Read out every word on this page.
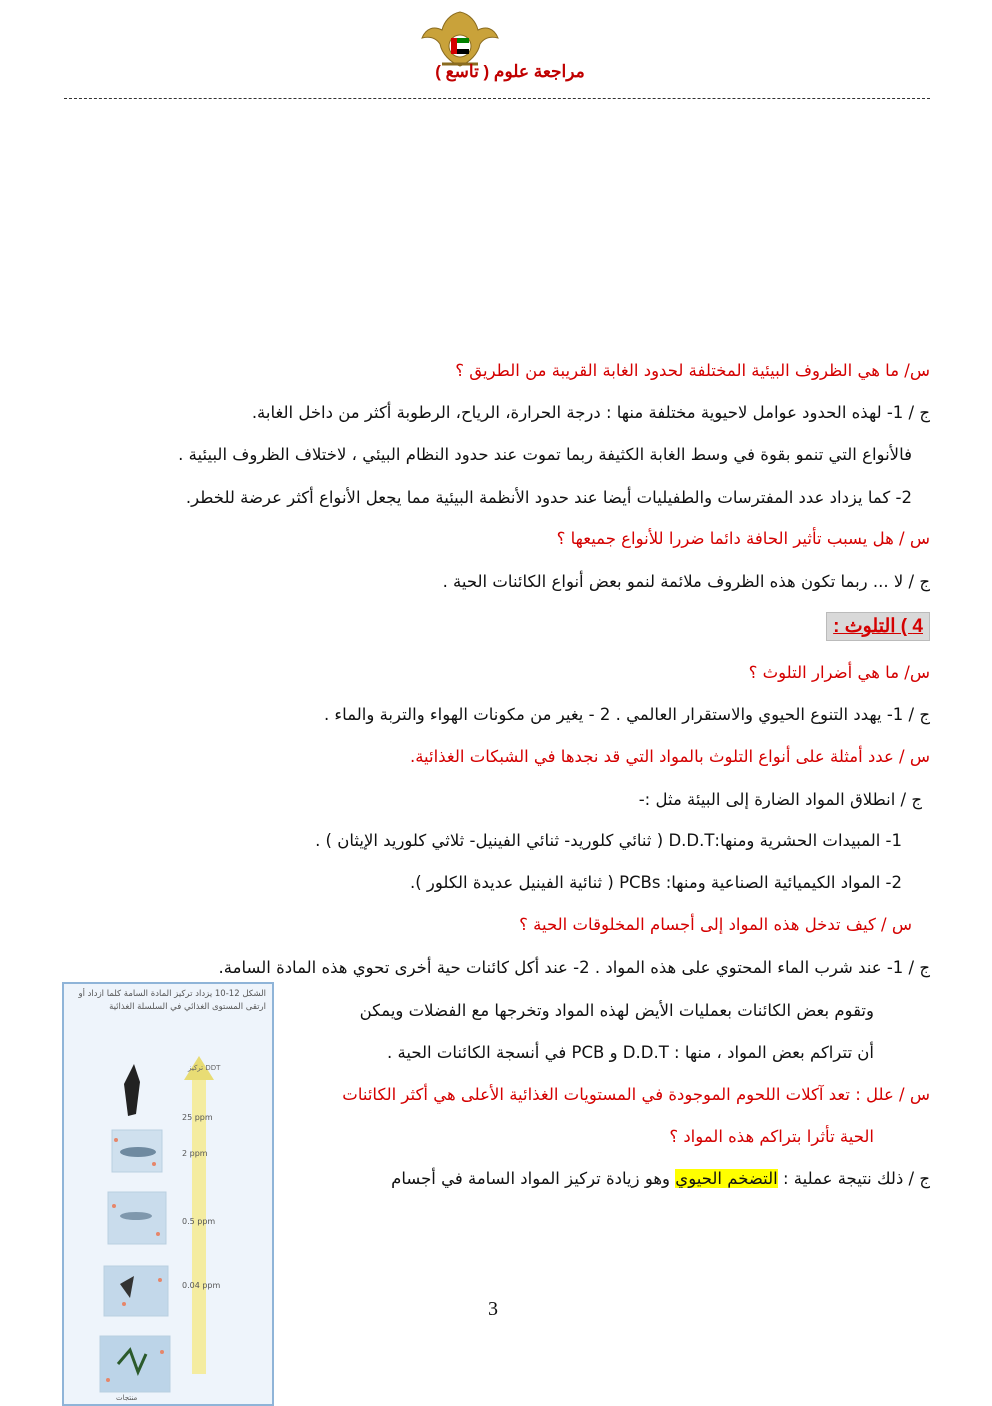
مراجعة علوم ( تاسع )
س/ ما هي الظروف البيئية المختلفة لحدود الغابة القريبة من الطريق ؟
ج / 1- لهذه الحدود عوامل لاحيوية مختلفة منها : درجة الحرارة، الرياح، الرطوبة أكثر من داخل الغابة.
فالأنواع التي تنمو بقوة في وسط الغابة الكثيفة ربما تموت عند حدود النظام البيئي ، لاختلاف الظروف البيئية .
2- كما يزداد عدد المفترسات والطفيليات أيضا عند حدود الأنظمة البيئية مما يجعل الأنواع أكثر عرضة للخطر.
س / هل يسبب تأثير الحافة دائما ضررا للأنواع جميعها ؟
ج / لا ... ربما تكون هذه الظروف ملائمة لنمو بعض أنواع الكائنات الحية .
4 ) التلوث :
س/ ما هي أضرار التلوث ؟
ج / 1- يهدد التنوع الحيوي والاستقرار العالمي . 2 - يغير من مكونات الهواء والتربة والماء .
س / عدد أمثلة على أنواع التلوث بالمواد التي قد نجدها في الشبكات الغذائية.
ج / انطلاق المواد الضارة إلى البيئة مثل :-
1- المبيدات الحشرية ومنها:D.D.T ( ثنائي كلوريد- ثنائي الفينيل- ثلاثي كلوريد الإيثان ) .
2- المواد الكيميائية الصناعية ومنها: PCBs ( ثنائية الفينيل عديدة الكلور ).
س / كيف تدخل هذه المواد إلى أجسام المخلوقات الحية ؟
ج / 1- عند شرب الماء المحتوي على هذه المواد . 2- عند أكل كائنات حية أخرى تحوي هذه المادة السامة.
وتقوم بعض الكائنات بعمليات الأيض لهذه المواد وتخرجها مع الفضلات ويمكن
أن تتراكم بعض المواد ، منها : D.D.T و PCB في أنسجة الكائنات الحية .
س / علل : تعد آكلات اللحوم الموجودة في المستويات الغذائية الأعلى هي أكثر الكائنات
الحية تأثرا بتراكم هذه المواد ؟
ج / ذلك نتيجة عملية : التضخم الحيوي وهو زيادة تركيز المواد السامة في أجسام
الشكل 12-10 يزداد تركيز المادة السامة كلما ازداد أو ارتقى المستوى الغذائي في السلسلة الغذائية
تركيز DDT
25 ppm
2 ppm
0.5 ppm
0.04 ppm
منتجات
3
